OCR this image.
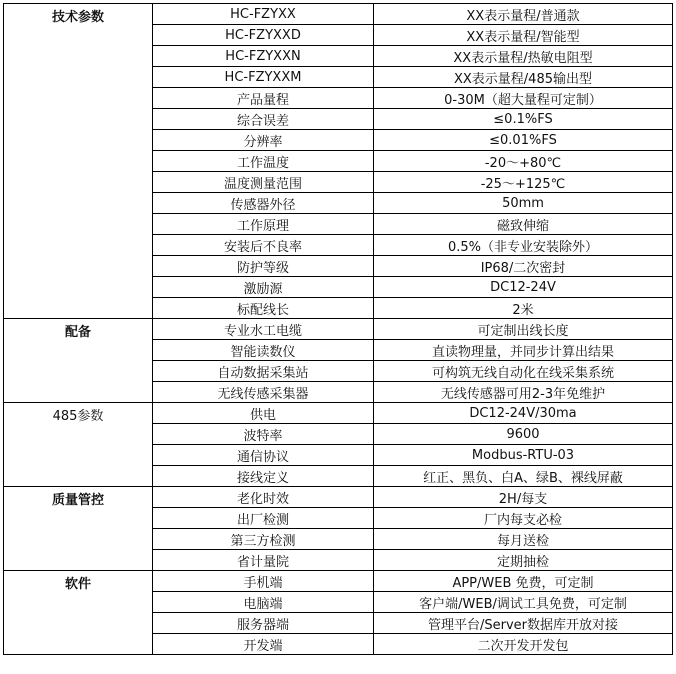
技术参数	HC-FZYXX	XX表示量程/普通款
	HC-FZYXXD	XX表示量程/智能型
	HC-FZYXXN	XX表示量程/热敏电阻型
	HC-FZYXXM	XX表示量程/485输出型
	产品量程	0-30M（超大量程可定制）
	综合误差	≤0.1%FS
	分辨率	≤0.01%FS
	工作温度	-20～+80℃
	温度测量范围	-25～+125℃
	传感器外径	50mm
	工作原理	磁致伸缩
	安装后不良率	0.5%（非专业安装除外）
	防护等级	IP68/二次密封
	激励源	DC12-24V
	标配线长	2米
配备	专业水工电缆	可定制出线长度
	智能读数仪	直读物理量，并同步计算出结果
	自动数据采集站	可构筑无线自动化在线采集系统
	无线传感采集器	无线传感器可用2-3年免维护
485参数	供电	DC12-24V/30ma
	波特率	9600
	通信协议	Modbus-RTU-03
	接线定义	红正、黑负、白A、绿B、裸线屏蔽
质量管控	老化时效	2H/每支
	出厂检测	厂内每支必检
	第三方检测	每月送检
	省计量院	定期抽检
软件	手机端	APP/WEB 免费，可定制
	电脑端	客户端/WEB/调试工具免费，可定制
	服务器端	管理平台/Server数据库开放对接
	开发端	二次开发开发包
